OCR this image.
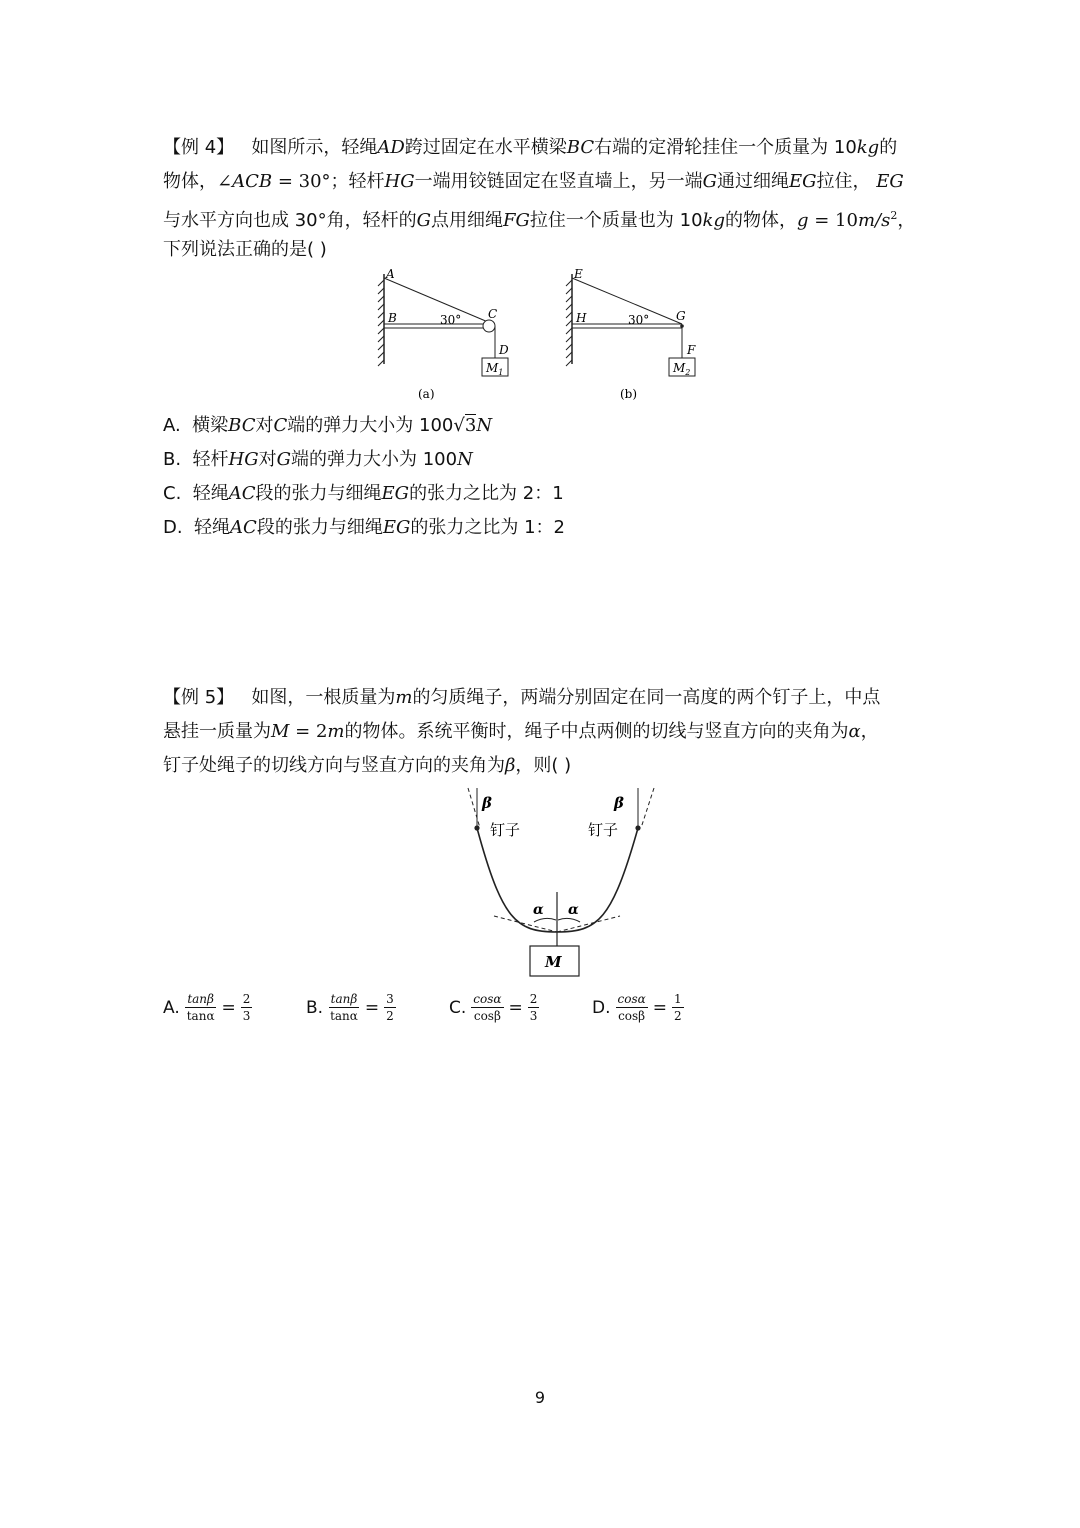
【例 4】 如图所示，轻绳AD跨过固定在水平横梁BC右端的定滑轮挂住一个质量为 10kg的
物体，∠ACB = 30°；轻杆HG一端用铰链固定在竖直墙上，另一端G通过细绳EG拉住， EG
与水平方向也成 30°角，轻杆的G点用细绳FG拉住一个质量也为 10kg的物体，$g = 10m/s^2$，
下列说法正确的是( )
A
B	C
D
30°
$M_1$
(a)
E
H	G
F
30°
$M_2$
(b)
A. 横梁BC对C端的弹力大小为 100√3N
B. 轻杆HG对G端的弹力大小为 100N
C. 轻绳AC段的张力与细绳EG的张力之比为 2：1
D. 轻绳AC段的张力与细绳EG的张力之比为 1：2
【例 5】 如图，一根质量为m的匀质绳子，两端分别固定在同一高度的两个钉子上，中点
悬挂一质量为M = 2m的物体。系统平衡时，绳子中点两侧的切线与竖直方向的夹角为α，
钉子处绳子的切线方向与竖直方向的夹角为β，则( )
β	β
钉子	钉子
α α
M
A. $\frac{\tan\beta}{\tan\alpha} = \frac{2}{3}$	B. $\frac{\tan\beta}{\tan\alpha} = \frac{3}{2}$	C. $\frac{\cos\alpha}{\cos\beta} = \frac{2}{3}$	D. $\frac{\cos\alpha}{\cos\beta} = \frac{1}{2}$
9
